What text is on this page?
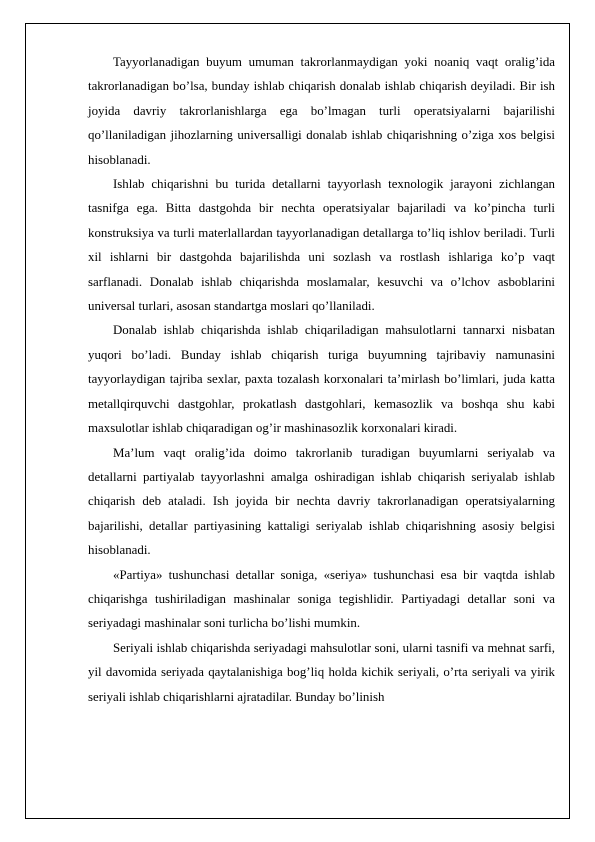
Tayyorlanadigan buyum umuman takrorlanmaydigan yoki noaniq vaqt oralig’ida takrorlanadigan bo’lsa, bunday ishlab chiqarish donalab ishlab chiqarish deyiladi. Bir ish joyida davriy takrorlanishlarga ega bo’lmagan turli operatsiyalarni bajarilishi qo’llaniladigan jihozlarning universalligi donalab ishlab chiqarishning o’ziga xos belgisi hisoblanadi.

Ishlab chiqarishni bu turida detallarni tayyorlash texnologik jarayoni zichlangan tasnifga ega. Bitta dastgohda bir nechta operatsiyalar bajariladi va ko’pincha turli konstruksiya va turli materlallardan tayyorlanadigan detallarga to’liq ishlov beriladi. Turli xil ishlarni bir dastgohda bajarilishda uni sozlash va rostlash ishlariga ko’p vaqt sarflanadi. Donalab ishlab chiqarishda moslamalar, kesuvchi va o’lchov asboblarini universal turlari, asosan standartga moslari qo’llaniladi.

Donalab ishlab chiqarishda ishlab chiqariladigan mahsulotlarni tannarxi nisbatan yuqori bo’ladi. Bunday ishlab chiqarish turiga buyumning tajribaviy namunasini tayyorlaydigan tajriba sexlar, paxta tozalash korxonalari ta’mirlash bo’limlari, juda katta metallqirquvchi dastgohlar, prokatlash dastgohlari, kemasozlik va boshqa shu kabi maxsulotlar ishlab chiqaradigan og’ir mashinasozlik korxonalari kiradi.

Ma’lum vaqt oralig’ida doimo takrorlanib turadigan buyumlarni seriyalab va detallarni partiyalab tayyorlashni amalga oshiradigan ishlab chiqarish seriyalab ishlab chiqarish deb ataladi. Ish joyida bir nechta davriy takrorlanadigan operatsiyalarning bajarilishi, detallar partiyasining kattaligi seriyalab ishlab chiqarishning asosiy belgisi hisoblanadi.

«Partiya» tushunchasi detallar soniga, «seriya» tushunchasi esa bir vaqtda ishlab chiqarishga tushiriladigan mashinalar soniga tegishlidir. Partiyadagi detallar soni va seriyadagi mashinalar soni turlicha bo’lishi mumkin.

Seriyali ishlab chiqarishda seriyadagi mahsulotlar soni, ularni tasnifi va mehnat sarfi, yil davomida seriyada qaytalanishiga bog’liq holda kichik seriyali, o’rta seriyali va yirik seriyali ishlab chiqarishlarni ajratadilar. Bunday bo’linish
